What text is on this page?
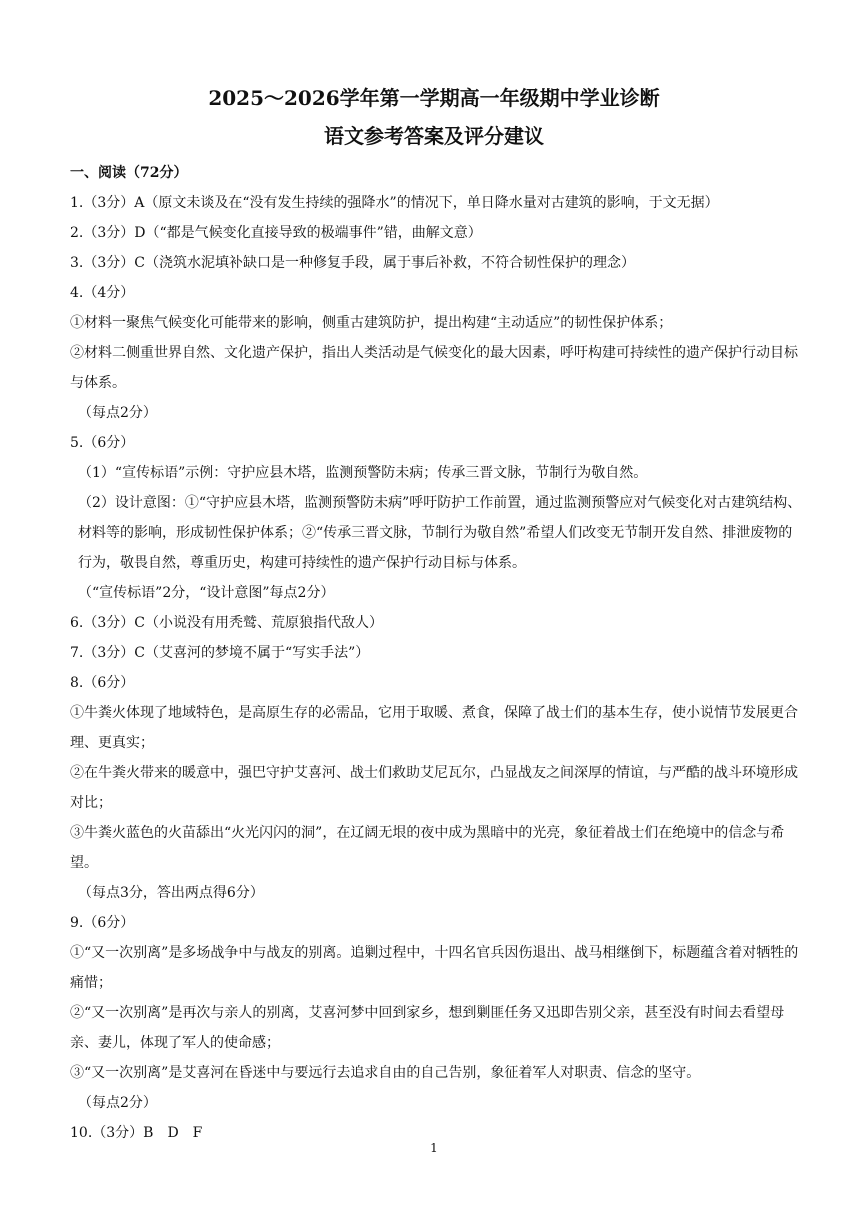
2025～2026学年第一学期高一年级期中学业诊断
语文参考答案及评分建议
一、阅读（72分）
1.（3分）A（原文未谈及在“没有发生持续的强降水”的情况下，单日降水量对古建筑的影响，于文无据）
2.（3分）D（“都是气候变化直接导致的极端事件”错，曲解文意）
3.（3分）C（浇筑水泥填补缺口是一种修复手段，属于事后补救，不符合韧性保护的理念）
4.（4分）
①材料一聚焦气候变化可能带来的影响，侧重古建筑防护，提出构建“主动适应”的韧性保护体系；
②材料二侧重世界自然、文化遗产保护，指出人类活动是气候变化的最大因素，呼吁构建可持续性的遗产保护行动目标与体系。
（每点2分）
5.（6分）
（1）“宣传标语”示例：守护应县木塔，监测预警防未病；传承三晋文脉，节制行为敬自然。
（2）设计意图：①“守护应县木塔，监测预警防未病”呼吁防护工作前置，通过监测预警应对气候变化对古建筑结构、材料等的影响，形成韧性保护体系；②“传承三晋文脉，节制行为敬自然”希望人们改变无节制开发自然、排泄废物的行为，敬畏自然，尊重历史，构建可持续性的遗产保护行动目标与体系。
（“宣传标语”2分，“设计意图”每点2分）
6.（3分）C（小说没有用秃鹫、荒原狼指代敌人）
7.（3分）C（艾喜河的梦境不属于“写实手法”）
8.（6分）
①牛粪火体现了地域特色，是高原生存的必需品，它用于取暖、煮食，保障了战士们的基本生存，使小说情节发展更合理、更真实；
②在牛粪火带来的暖意中，强巴守护艾喜河、战士们救助艾尼瓦尔，凸显战友之间深厚的情谊，与严酷的战斗环境形成对比；
③牛粪火蓝色的火苗舔出“火光闪闪的洞”，在辽阔无垠的夜中成为黑暗中的光亮，象征着战士们在绝境中的信念与希望。
（每点3分，答出两点得6分）
9.（6分）
①“又一次别离”是多场战争中与战友的别离。追剿过程中，十四名官兵因伤退出、战马相继倒下，标题蕴含着对牺牲的痛惜；
②“又一次别离”是再次与亲人的别离，艾喜河梦中回到家乡，想到剿匪任务又迅即告别父亲，甚至没有时间去看望母亲、妻儿，体现了军人的使命感；
③“又一次别离”是艾喜河在昏迷中与要远行去追求自由的自己告别，象征着军人对职责、信念的坚守。
（每点2分）
10.（3分）B　D　F
1
